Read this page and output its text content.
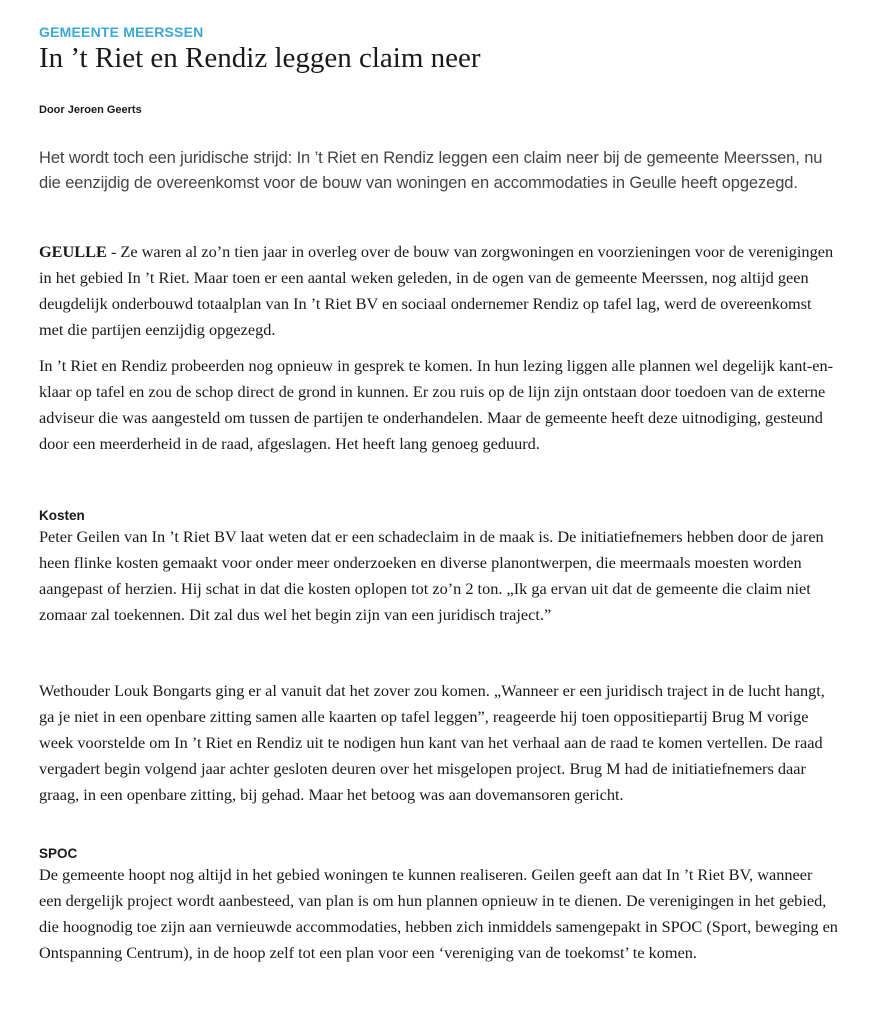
GEMEENTE MEERSSEN
In ’t Riet en Rendiz leggen claim neer
Door Jeroen Geerts

Het wordt toch een juridische strijd: In ’t Riet en Rendiz leggen een claim neer bij de gemeente Meerssen, nu die eenzijdig de overeenkomst voor de bouw van woningen en accommodaties in Geulle heeft opgezegd.

GEULLE - Ze waren al zo’n tien jaar in overleg over de bouw van zorgwoningen en voorzieningen voor de verenigingen in het gebied In ’t Riet. Maar toen er een aantal weken geleden, in de ogen van de gemeente Meerssen, nog altijd geen deugdelijk onderbouwd totaalplan van In ’t Riet BV en sociaal ondernemer Rendiz op tafel lag, werd de overeenkomst met die partijen eenzijdig opgezegd.

In ’t Riet en Rendiz probeerden nog opnieuw in gesprek te komen. In hun lezing liggen alle plannen wel degelijk kant-en-klaar op tafel en zou de schop direct de grond in kunnen. Er zou ruis op de lijn zijn ontstaan door toedoen van de externe adviseur die was aangesteld om tussen de partijen te onderhandelen. Maar de gemeente heeft deze uitnodiging, gesteund door een meerderheid in de raad, afgeslagen. Het heeft lang genoeg geduurd.

Kosten

Peter Geilen van In ’t Riet BV laat weten dat er een schadeclaim in de maak is. De initiatiefnemers hebben door de jaren heen flinke kosten gemaakt voor onder meer onderzoeken en diverse planontwerpen, die meermaals moesten worden aangepast of herzien. Hij schat in dat die kosten oplopen tot zo’n 2 ton. „Ik ga ervan uit dat de gemeente die claim niet zomaar zal toekennen. Dit zal dus wel het begin zijn van een juridisch traject.”

Wethouder Louk Bongarts ging er al vanuit dat het zover zou komen. „Wanneer er een juridisch traject in de lucht hangt, ga je niet in een openbare zitting samen alle kaarten op tafel leggen”, reageerde hij toen oppositiepartij Brug M vorige week voorstelde om In ’t Riet en Rendiz uit te nodigen hun kant van het verhaal aan de raad te komen vertellen. De raad vergadert begin volgend jaar achter gesloten deuren over het misgelopen project. Brug M had de initiatiefnemers daar graag, in een openbare zitting, bij gehad. Maar het betoog was aan dovemansoren gericht.

SPOC

De gemeente hoopt nog altijd in het gebied woningen te kunnen realiseren. Geilen geeft aan dat In ’t Riet BV, wanneer een dergelijk project wordt aanbesteed, van plan is om hun plannen opnieuw in te dienen. De verenigingen in het gebied, die hoognodig toe zijn aan vernieuwde accommodaties, hebben zich inmiddels samengepakt in SPOC (Sport, beweging en Ontspanning Centrum), in de hoop zelf tot een plan voor een ‘vereniging van de toekomst’ te komen.
